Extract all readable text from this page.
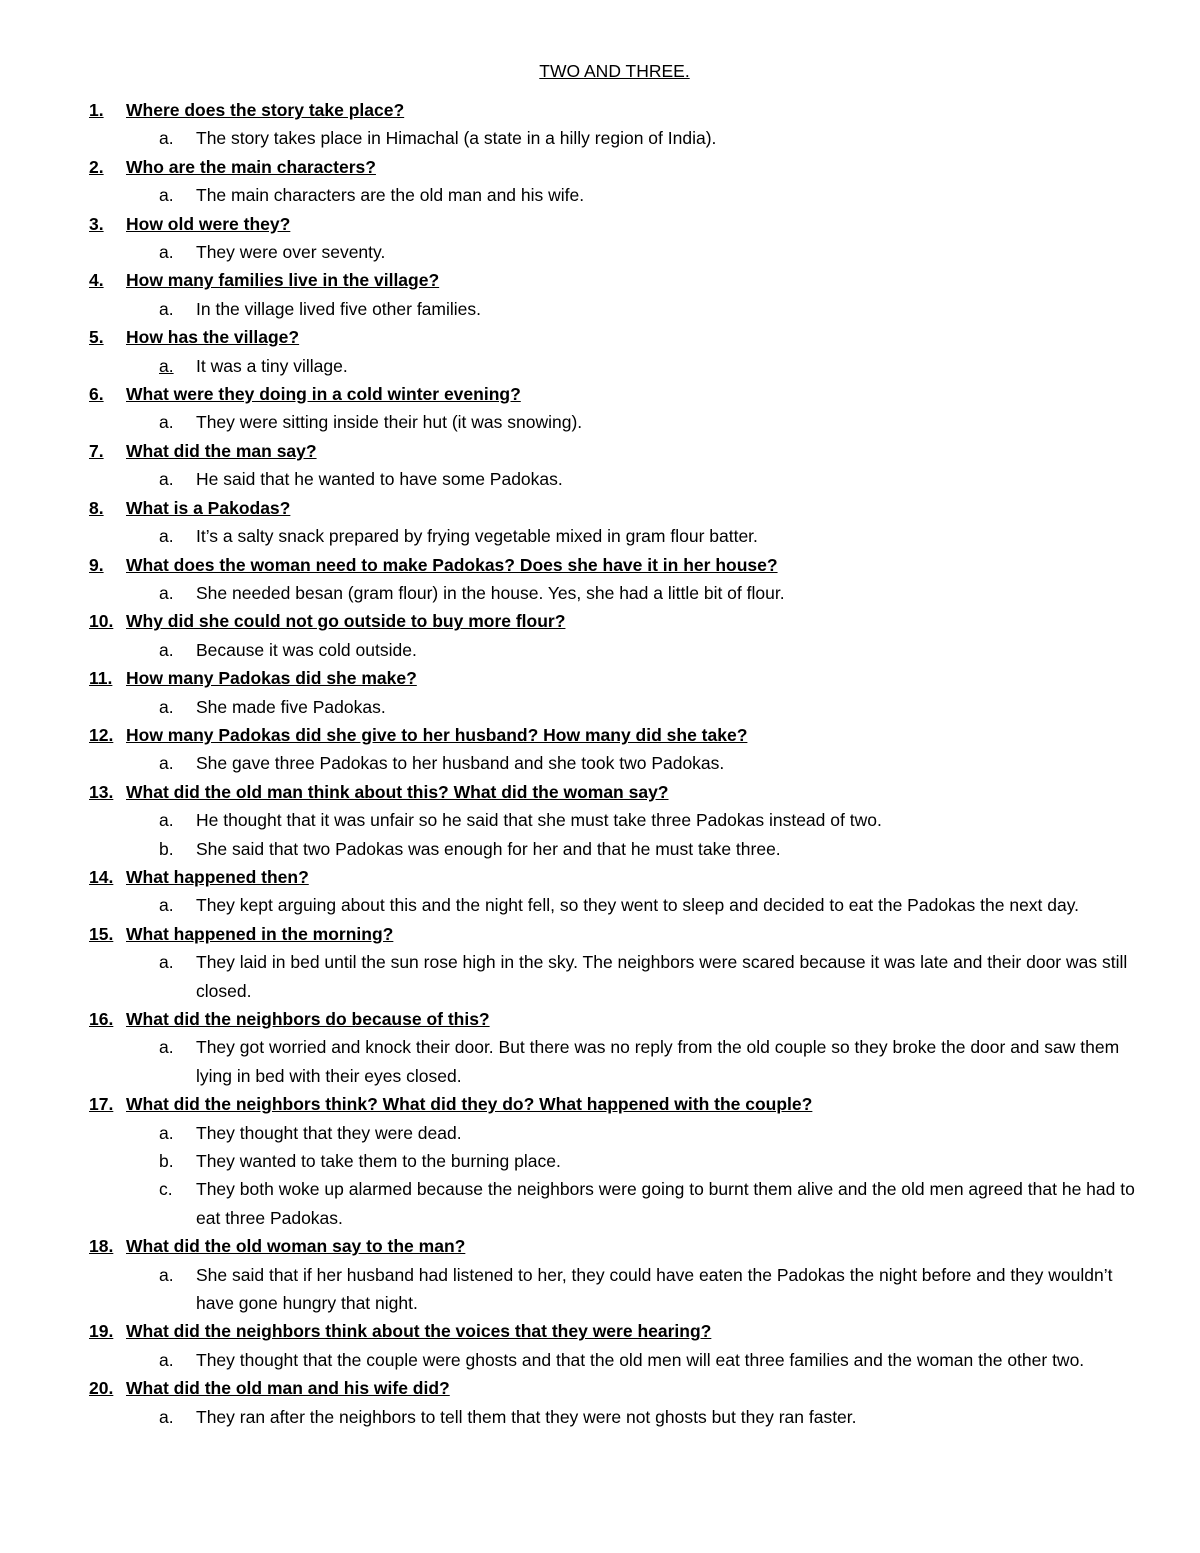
TWO AND THREE.
1.	Where does the story take place?
a.	The story takes place in Himachal (a state in a hilly region of India).
2.	Who are the main characters?
a.	The main characters are the old man and his wife.
3.	How old were they?
a.	They were over seventy.
4.	How many families live in the village?
a.	In the village lived five other families.
5.	How has the village?
a.	It was a tiny village.
6.	What were they doing in a cold winter evening?
a.	They were sitting inside their hut (it was snowing).
7.	What did the man say?
a.	He said that he wanted to have some Padokas.
8.	What is a Pakodas?
a.	It’s a salty snack prepared by frying vegetable mixed in gram flour batter.
9.	What does the woman need to make Padokas? Does she have it in her house?
a.	She needed besan (gram flour) in the house. Yes, she had a little bit of flour.
10. Why did she could not go outside to buy more flour?
a.	Because it was cold outside.
11. How many Padokas did she make?
a.	She made five Padokas.
12. How many Padokas did she give to her husband? How many did she take?
a.	She gave three Padokas to her husband and she took two Padokas.
13. What did the old man think about this? What did the woman say?
a.	He thought that it was unfair so he said that she must take three Padokas instead of two.
b.	She said that two Padokas was enough for her and that he must take three.
14. What happened then?
a.	They kept arguing about this and the night fell, so they went to sleep and decided to eat the Padokas the next day.
15. What happened in the morning?
a.	They laid in bed until the sun rose high in the sky. The neighbors were scared because it was late and their door was still closed.
16. What did the neighbors do because of this?
a.	They got worried and knock their door. But there was no reply from the old couple so they broke the door and saw them lying in bed with their eyes closed.
17. What did the neighbors think? What did they do? What happened with the couple?
a.	They thought that they were dead.
b.	They wanted to take them to the burning place.
c.	They both woke up alarmed because the neighbors were going to burnt them alive and the old men agreed that he had to eat three Padokas.
18. What did the old woman say to the man?
a.	She said that if her husband had listened to her, they could have eaten the Padokas the night before and they wouldn’t have gone hungry that night.
19. What did the neighbors think about the voices that they were hearing?
a.	They thought that the couple were ghosts and that the old men will eat three families and the woman the other two.
20. What did the old man and his wife did?
a.	They ran after the neighbors to tell them that they were not ghosts but they ran faster.
